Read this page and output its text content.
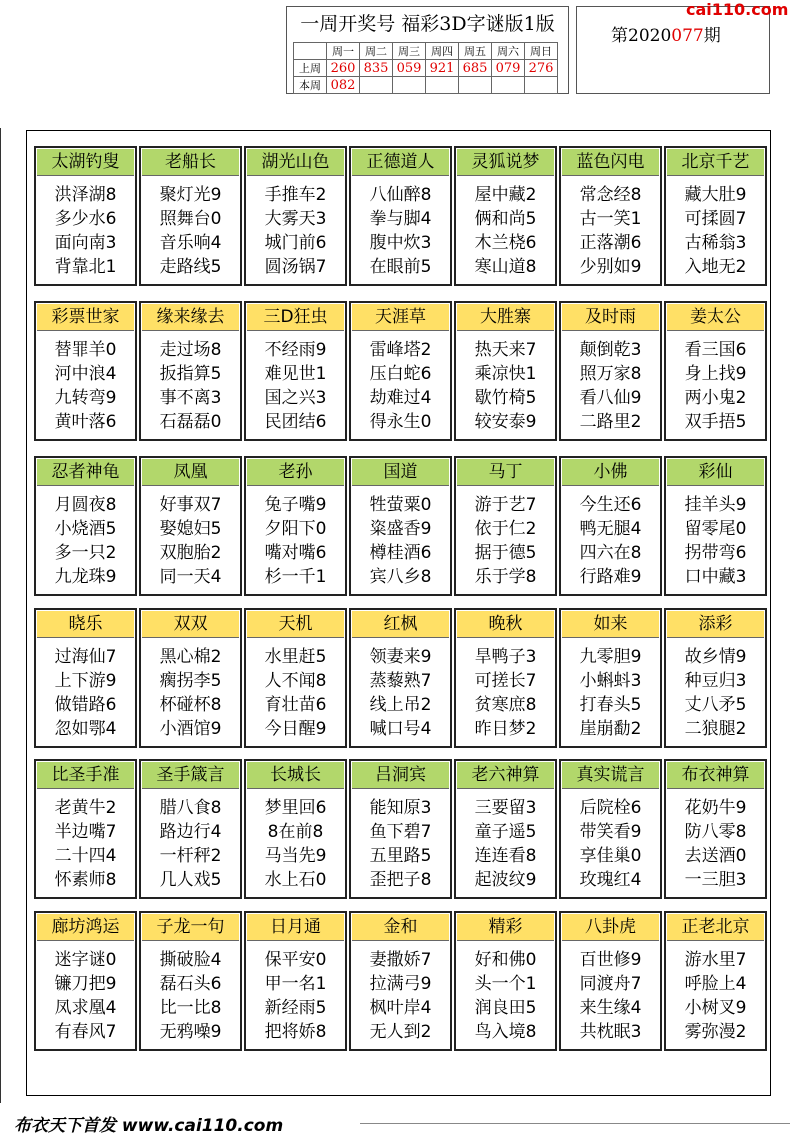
一周开奖号 福彩3D字谜版1版
	周一	周二	周三	周四	周五	周六	周日
上周	260	835	059	921	685	079	276
本周	082						
第2020077期
cai110.com
太湖钓叟
洪泽湖8
多少水6
面向南3
背靠北1
老船长
聚灯光9
照舞台0
音乐响4
走路线5
湖光山色
手推车2
大雾天3
城门前6
圆汤锅7
正德道人
八仙醉8
拳与脚4
腹中炊3
在眼前5
灵狐说梦
屋中藏2
俩和尚5
木兰桡6
寒山道8
蓝色闪电
常念经8
古一笑1
正落潮6
少别如9
北京千艺
藏大肚9
可揉圆7
古稀翁3
入地无2
彩票世家
替罪羊0
河中浪4
九转弯9
黄叶落6
缘来缘去
走过场8
扳指算5
事不离3
石磊磊0
三D狂虫
不经雨9
难见世1
国之兴3
民团结6
天涯草
雷峰塔2
压白蛇6
劫难过4
得永生0
大胜寨
热天来7
乘凉快1
歇竹椅5
较安泰9
及时雨
颠倒乾3
照万家8
看八仙9
二路里2
姜太公
看三国6
身上找9
两小鬼2
双手捂5
忍者神龟
月圆夜8
小烧酒5
多一只2
九龙珠9
凤凰
好事双7
娶媳妇5
双胞胎2
同一天4
老孙
兔子嘴9
夕阳下0
嘴对嘴6
杉一千1
国道
牲萤粟0
粢盛香9
樽桂酒6
宾八乡8
马丁
游于艺7
依于仁2
据于德5
乐于学8
小佛
今生还6
鸭无腿4
四六在8
行路难9
彩仙
挂羊头9
留零尾0
拐带弯6
口中藏3
晓乐
过海仙7
上下游9
做错路6
忽如鄂4
双双
黑心棉2
瘸拐李5
杯碰杯8
小酒馆9
天机
水里赶5
人不闻8
育壮苗6
今日醒9
红枫
领妻来9
蒸藜熟7
线上吊2
喊口号4
晚秋
旱鸭子3
可搓长7
贫寒庶8
昨日梦2
如来
九零胆9
小蝌蚪3
打春头5
崖崩勫2
添彩
故乡情9
种豆归3
丈八矛5
二狼腿2
比圣手准
老黄牛2
半边嘴7
二十四4
怀素师8
圣手箴言
腊八食8
路边行4
一杆秤2
几人戏5
长城长
梦里回6
8在前8
马当先9
水上石0
吕洞宾
能知原3
鱼下碧7
五里路5
歪把子8
老六神算
三要留3
童子遥5
连连看8
起波纹9
真实谎言
后院栓6
带笑看9
享佳巢0
玫瑰红4
布衣神算
花奶牛9
防八零8
去送酒0
一三胆3
廊坊鸿运
迷字谜0
镰刀把9
凤求凰4
有春风7
子龙一句
撕破脸4
磊石头6
比一比8
无鸦噪9
日月通
保平安0
甲一名1
新经雨5
把将娇8
金和
妻撒娇7
拉满弓9
枫叶岸4
无人到2
精彩
好和佛0
头一个1
润良田5
鸟入境8
八卦虎
百世修9
同渡舟7
来生缘4
共枕眠3
正老北京
游水里7
呼脸上4
小树叉9
雾弥漫2
布衣天下首发 www.cai110.com
